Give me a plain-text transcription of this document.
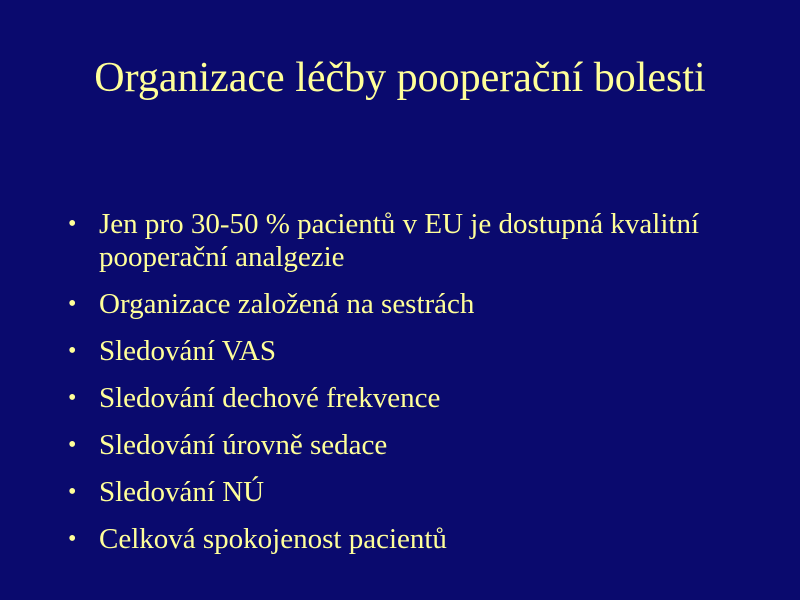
Organizace léčby pooperační bolesti
• Jen pro 30-50 % pacientů v EU je dostupná kvalitní pooperační analgezie
• Organizace založená na sestrách
• Sledování VAS
• Sledování dechové frekvence
• Sledování úrovně sedace
• Sledování NÚ
• Celková spokojenost pacientů
